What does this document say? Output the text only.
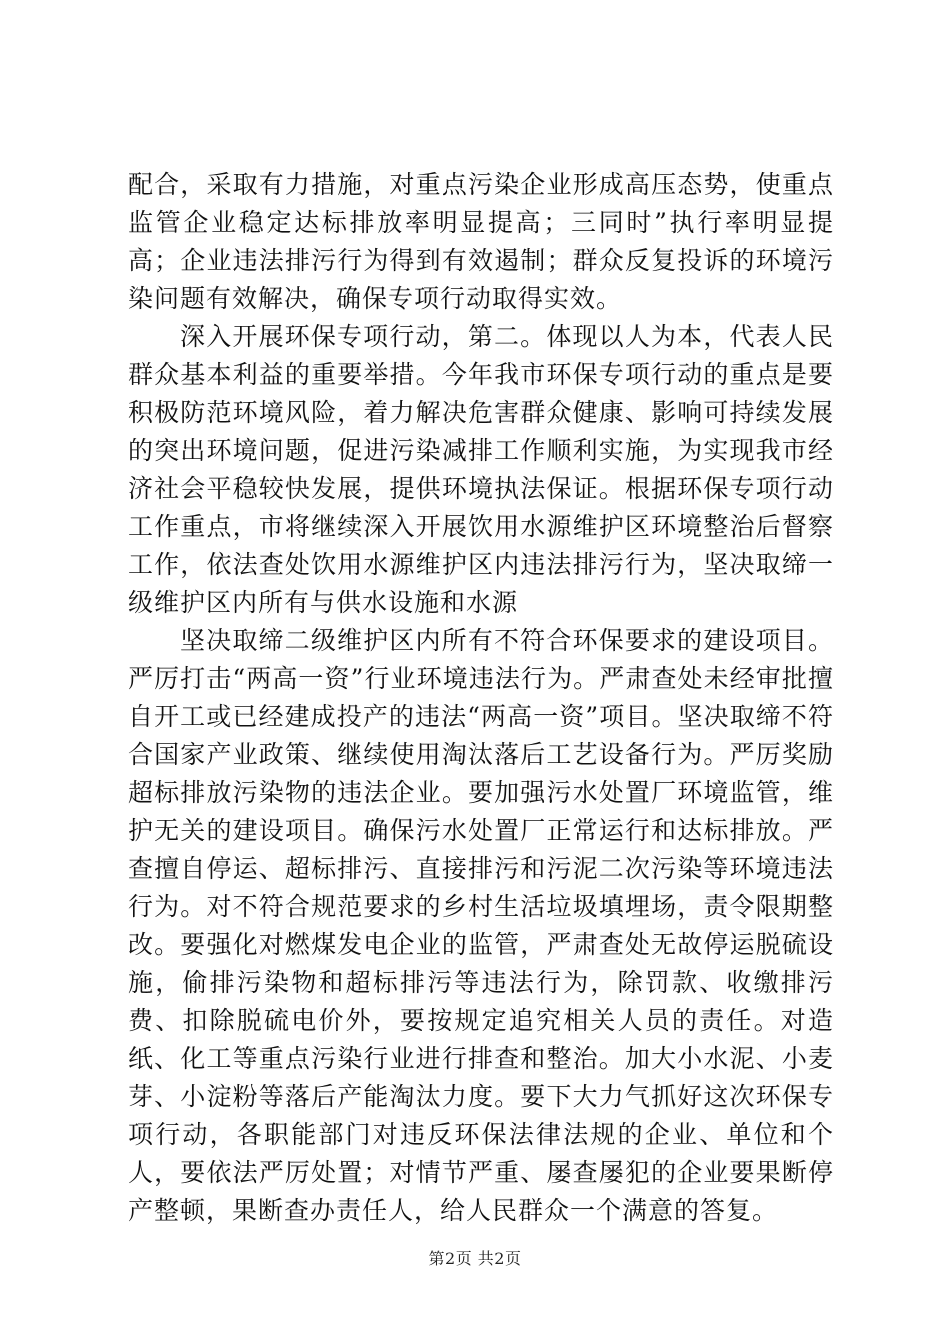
配合，采取有力措施，对重点污染企业形成高压态势，使重点监管企业稳定达标排放率明显提高；三同时”执行率明显提高；企业违法排污行为得到有效遏制；群众反复投诉的环境污染问题有效解决，确保专项行动取得实效。

深入开展环保专项行动，第二。体现以人为本，代表人民群众基本利益的重要举措。今年我市环保专项行动的重点是要积极防范环境风险，着力解决危害群众健康、影响可持续发展的突出环境问题，促进污染减排工作顺利实施，为实现我市经济社会平稳较快发展，提供环境执法保证。根据环保专项行动工作重点，市将继续深入开展饮用水源维护区环境整治后督察工作，依法查处饮用水源维护区内违法排污行为，坚决取缔一级维护区内所有与供水设施和水源

坚决取缔二级维护区内所有不符合环保要求的建设项目。严厉打击“两高一资”行业环境违法行为。严肃查处未经审批擅自开工或已经建成投产的违法“两高一资”项目。坚决取缔不符合国家产业政策、继续使用淘汰落后工艺设备行为。严厉奖励超标排放污染物的违法企业。要加强污水处置厂环境监管，维护无关的建设项目。确保污水处置厂正常运行和达标排放。严查擅自停运、超标排污、直接排污和污泥二次污染等环境违法行为。对不符合规范要求的乡村生活垃圾填埋场，责令限期整改。要强化对燃煤发电企业的监管，严肃查处无故停运脱硫设施，偷排污染物和超标排污等违法行为，除罚款、收缴排污费、扣除脱硫电价外，要按规定追究相关人员的责任。对造纸、化工等重点污染行业进行排查和整治。加大小水泥、小麦芽、小淀粉等落后产能淘汰力度。要下大力气抓好这次环保专项行动，各职能部门对违反环保法律法规的企业、单位和个人，要依法严厉处置；对情节严重、屡查屡犯的企业要果断停产整顿，果断查办责任人，给人民群众一个满意的答复。

第2页 共2页
